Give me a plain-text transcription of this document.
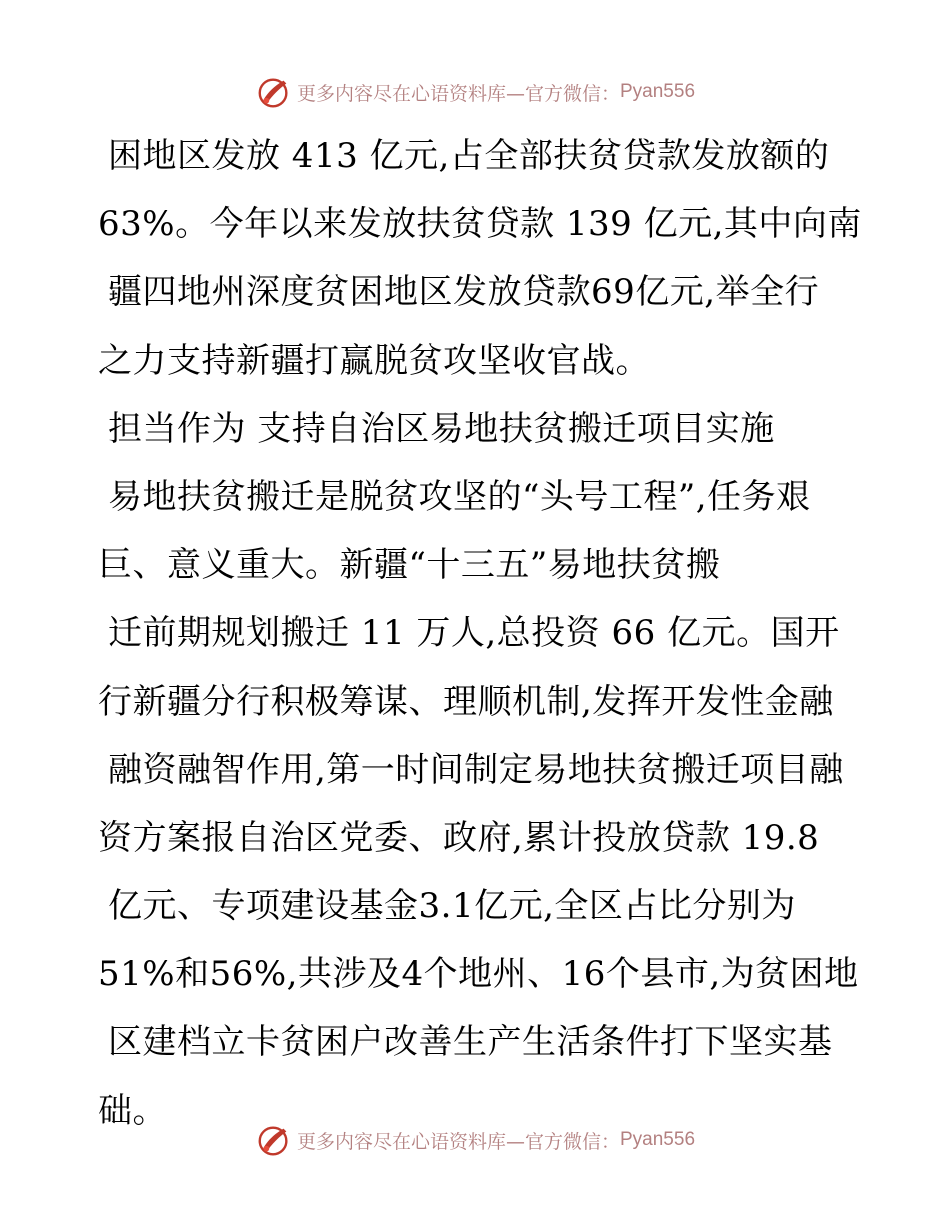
更多内容尽在心语资料库—官方微信： Pyan556
困地区发放 413 亿元,占全部扶贫贷款发放额的
63%。今年以来发放扶贫贷款 139 亿元,其中向南
疆四地州深度贫困地区发放贷款69亿元,举全行
之力支持新疆打赢脱贫攻坚收官战。
担当作为 支持自治区易地扶贫搬迁项目实施
易地扶贫搬迁是脱贫攻坚的“头号工程”,任务艰
巨、意义重大。新疆“十三五”易地扶贫搬
迁前期规划搬迁 11 万人,总投资 66 亿元。国开
行新疆分行积极筹谋、理顺机制,发挥开发性金融
融资融智作用,第一时间制定易地扶贫搬迁项目融
资方案报自治区党委、政府,累计投放贷款 19.8
亿元、专项建设基金3.1亿元,全区占比分别为
51%和56%,共涉及4个地州、16个县市,为贫困地
区建档立卡贫困户改善生产生活条件打下坚实基
础。
更多内容尽在心语资料库—官方微信： Pyan556
